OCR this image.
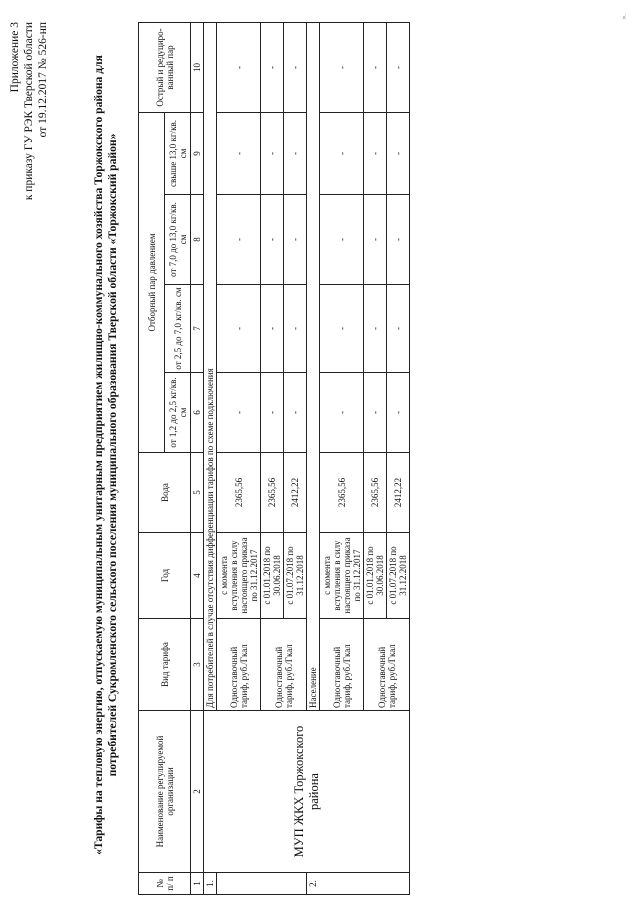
Приложение 3 к приказу ГУ РЭК Тверской области от 19.12.2017 № 526-нп	«Тарифы на тепловую энергию, отпускаемую муниципальным унитарным предприятием жилищно-коммунального хозяйства Торжокского района для потребителей Сукромленского сельского поселения муниципального образования Тверской области «Торжокский район»
№ п/ п	Наименование регулируемой организации	Вид тарифа	Год	Вода	Отборный пар давлением				Острый и редуциро- ванный пар
					от 1,2 до 2,5 кг/кв. см	от 2,5 до 7,0 кг/кв. см	от 7,0 до 13,0 кг/кв. см	свыше 13,0 кг/кв. см	
1	2	3	4	5	6	7	8	9	10
1.	МУП ЖКХ Торжокского района	Для потребителей в случае отсутствия дифференциации тарифов по схеме подключения							
		Одноставочный тариф, руб./Гкал	с момента вступления в силу настоящего приказа по 31.12.2017	2365,56	-	-	-	-	-
		Одноставочный тариф, руб./Гкал	с 01.01.2018 по 30.06.2018	2365,56	-	-	-	-	-
			с 01.07.2018 по 31.12.2018	2412,22	-	-	-	-	-
2.		Население							
		Одноставочный тариф, руб./Гкал	с момента вступления в силу настоящего приказа по 31.12.2017	2365,56	-	-	-	-	-
		Одноставочный тариф, руб./Гкал	с 01.01.2018 по 30.06.2018	2365,56	-	-	-	-	-
			с 01.07.2018 по 31.12.2018	2412,22	-	-	-	-	-
».
